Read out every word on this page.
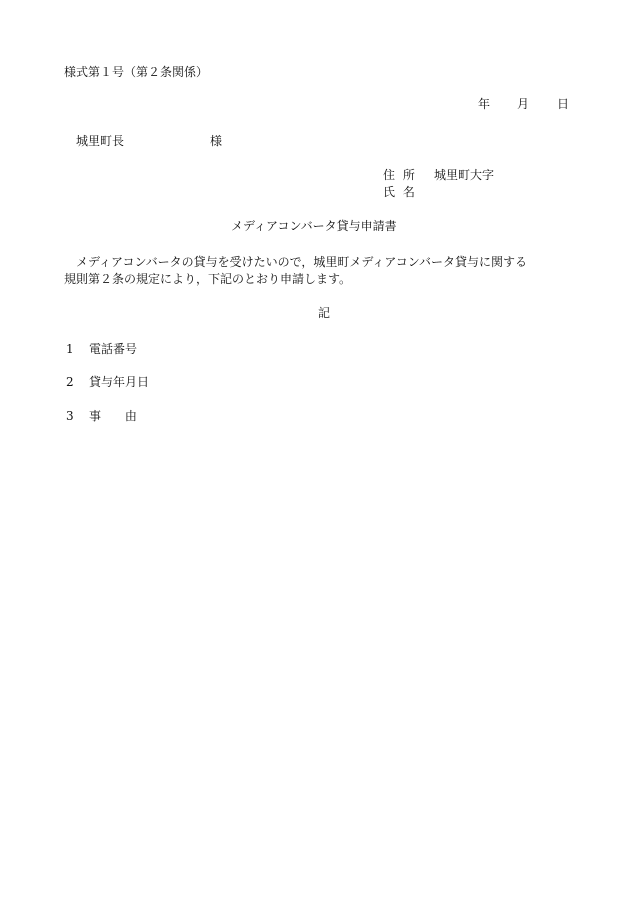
様式第１号（第２条関係）
年 月 日
城里町長	様
住 所 城里町大字
氏 名
メディアコンバータ貸与申請書
メディアコンバータの貸与を受けたいので，城里町メディアコンバータ貸与に関する
規則第２条の規定により，下記のとおり申請します。
記
1 電話番号
2 貸与年月日
3 事 由
